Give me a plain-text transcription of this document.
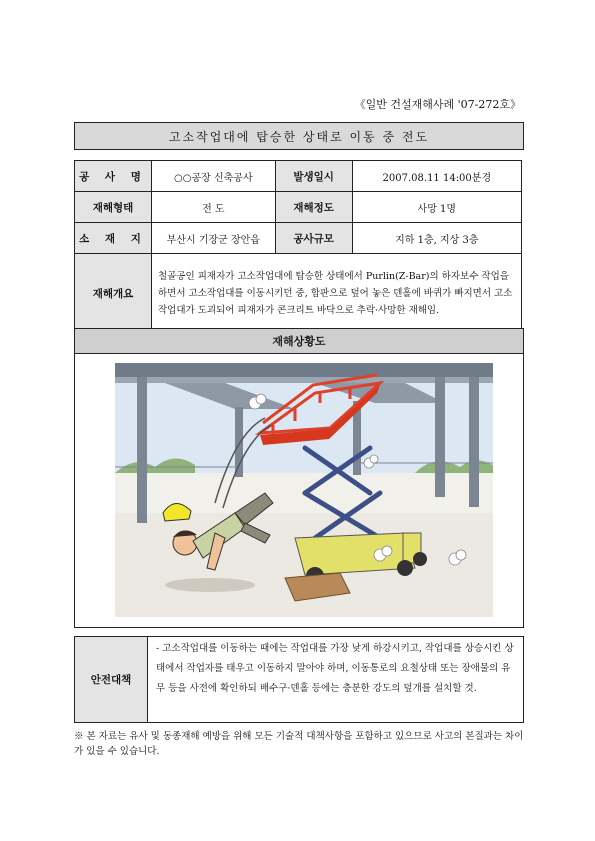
《일반 건설재해사례 '07-272호》
고소작업대에 탑승한 상태로 이동 중 전도
공 사 명	○○공장 신축공사	발생일시	2007.08.11 14:00분경
재해형태	전 도	재해정도	사망 1명
소 재 지	부산시 기장군 장안읍	공사규모	지하 1층, 지상 3층
재해개요	철골공인 피재자가 고소작업대에 탑승한 상태에서 Purlin(Z-Bar)의 하자보수 작업을 하면서 고소작업대를 이동시키던 중, 합판으로 덮어 놓은 덴홀에 바퀴가 빠지면서 고소작업대가 도괴되어 피재자가 콘크리트 바닥으로 추락·사망한 재해임.		
재해상황도
안전대책
- 고소작업대를 이동하는 때에는 작업대를 가장 낮게 하강시키고, 작업대를 상승시킨 상태에서 작업자를 태우고 이동하지 말아야 하며, 이동통로의 요철상태 또는 장애물의 유무 등을 사전에 확인하되 배수구·덴홀 등에는 충분한 강도의 덮개를 설치할 것.
※ 본 자료는 유사 및 동종재해 예방을 위해 모든 기술적 대책사항을 포함하고 있으므로 사고의 본질과는 차이가 있을 수 있습니다.
